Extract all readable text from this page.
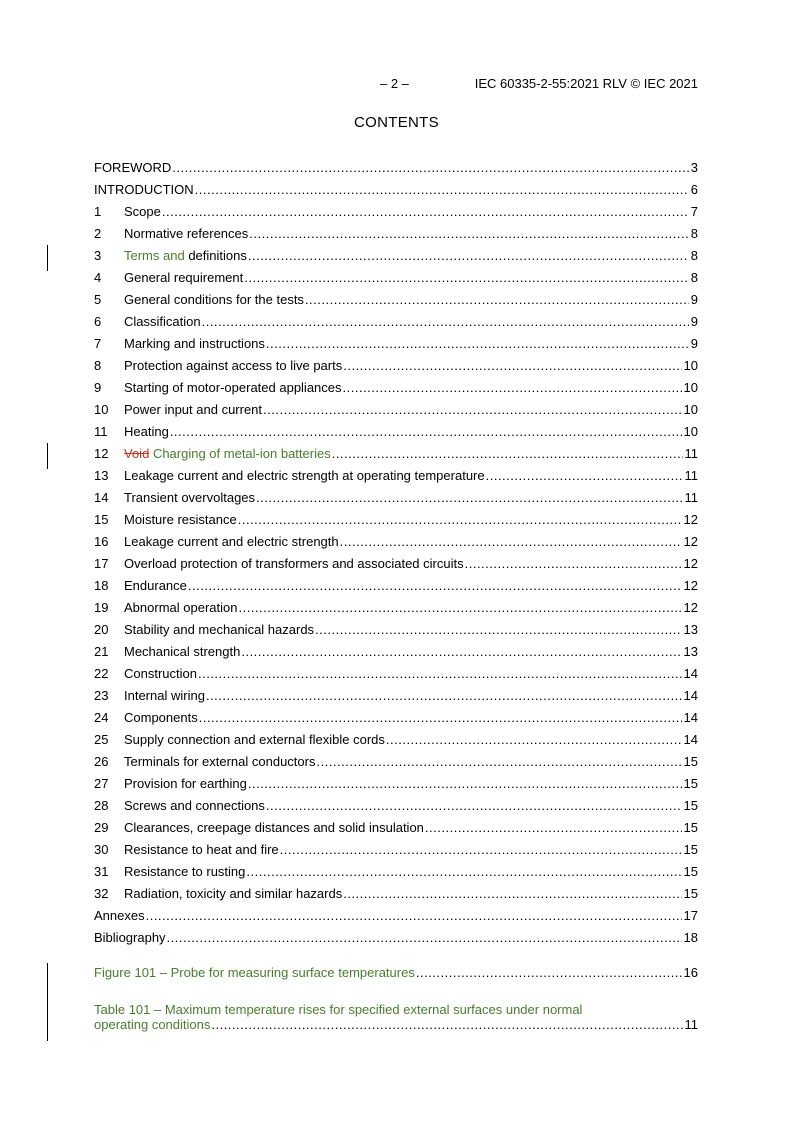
– 2 –	IEC 60335-2-55:2021 RLV © IEC 2021
CONTENTS
FOREWORD .....	3
INTRODUCTION .....	6
1	Scope .....	7
2	Normative references .....	8
3	Terms and definitions .....	8
4	General requirement .....	8
5	General conditions for the tests .....	9
6	Classification .....	9
7	Marking and instructions .....	9
8	Protection against access to live parts .....	10
9	Starting of motor-operated appliances .....	10
10	Power input and current .....	10
11	Heating .....	10
12	Void Charging of metal-ion batteries .....	11
13	Leakage current and electric strength at operating temperature .....	11
14	Transient overvoltages .....	11
15	Moisture resistance .....	12
16	Leakage current and electric strength .....	12
17	Overload protection of transformers and associated circuits .....	12
18	Endurance .....	12
19	Abnormal operation .....	12
20	Stability and mechanical hazards .....	13
21	Mechanical strength .....	13
22	Construction .....	14
23	Internal wiring .....	14
24	Components .....	14
25	Supply connection and external flexible cords .....	14
26	Terminals for external conductors .....	15
27	Provision for earthing .....	15
28	Screws and connections .....	15
29	Clearances, creepage distances and solid insulation .....	15
30	Resistance to heat and fire .....	15
31	Resistance to rusting .....	15
32	Radiation, toxicity and similar hazards .....	15
Annexes .....	17
Bibliography .....	18
Figure 101 – Probe for measuring surface temperatures .....	16
Table 101 – Maximum temperature rises for specified external surfaces under normal
operating conditions .....	11
